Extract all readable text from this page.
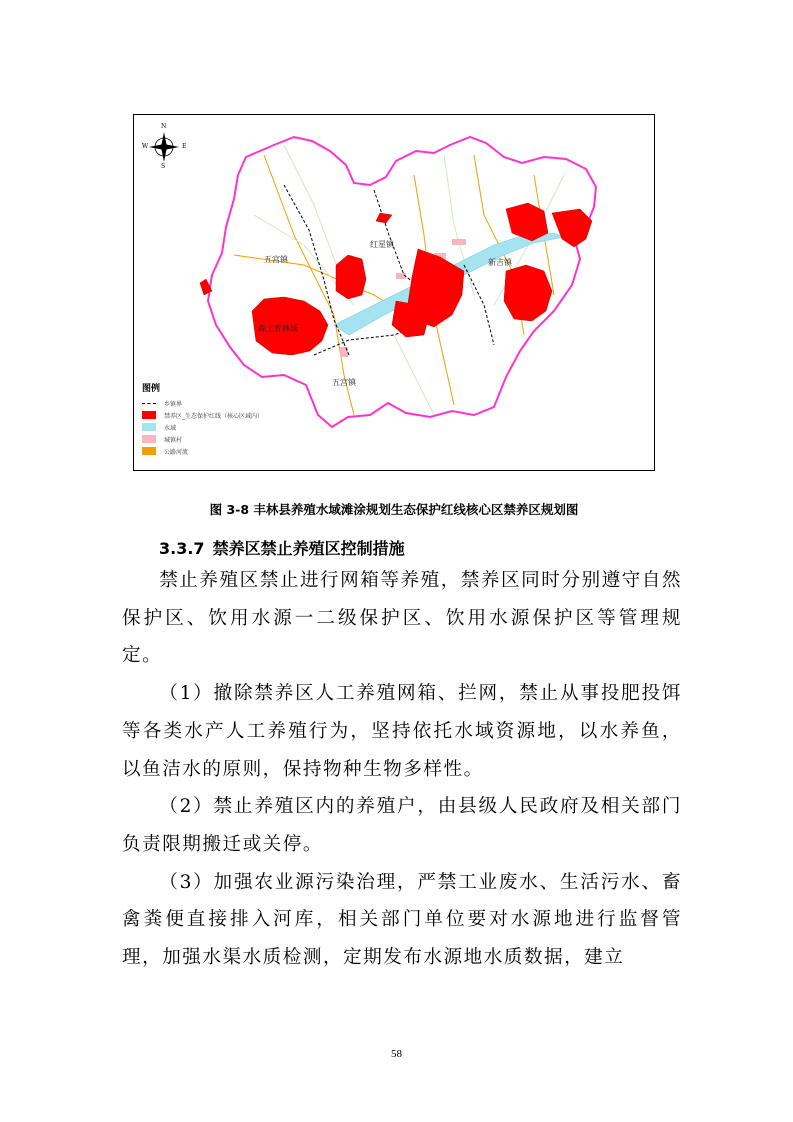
N
S
W	E
五宫镇
红星镇
新吉镇
森工育林场
五宫镇
图例
乡镇界
禁养区_生态保护红线（核心区域内）
水域
城镇村
公路河流
图 3-8 丰林县养殖水域滩涂规划生态保护红线核心区禁养区规划图
3.3.7 禁养区禁止养殖区控制措施

禁止养殖区禁止进行网箱等养殖，禁养区同时分别遵守自然保护区、饮用水源一二级保护区、饮用水源保护区等管理规定。

（1）撤除禁养区人工养殖网箱、拦网，禁止从事投肥投饵等各类水产人工养殖行为，坚持依托水域资源地，以水养鱼，以鱼洁水的原则，保持物种生物多样性。

（2）禁止养殖区内的养殖户，由县级人民政府及相关部门负责限期搬迁或关停。

（3）加强农业源污染治理，严禁工业废水、生活污水、畜禽粪便直接排入河库，相关部门单位要对水源地进行监督管理，加强水渠水质检测，定期发布水源地水质数据，建立

58
